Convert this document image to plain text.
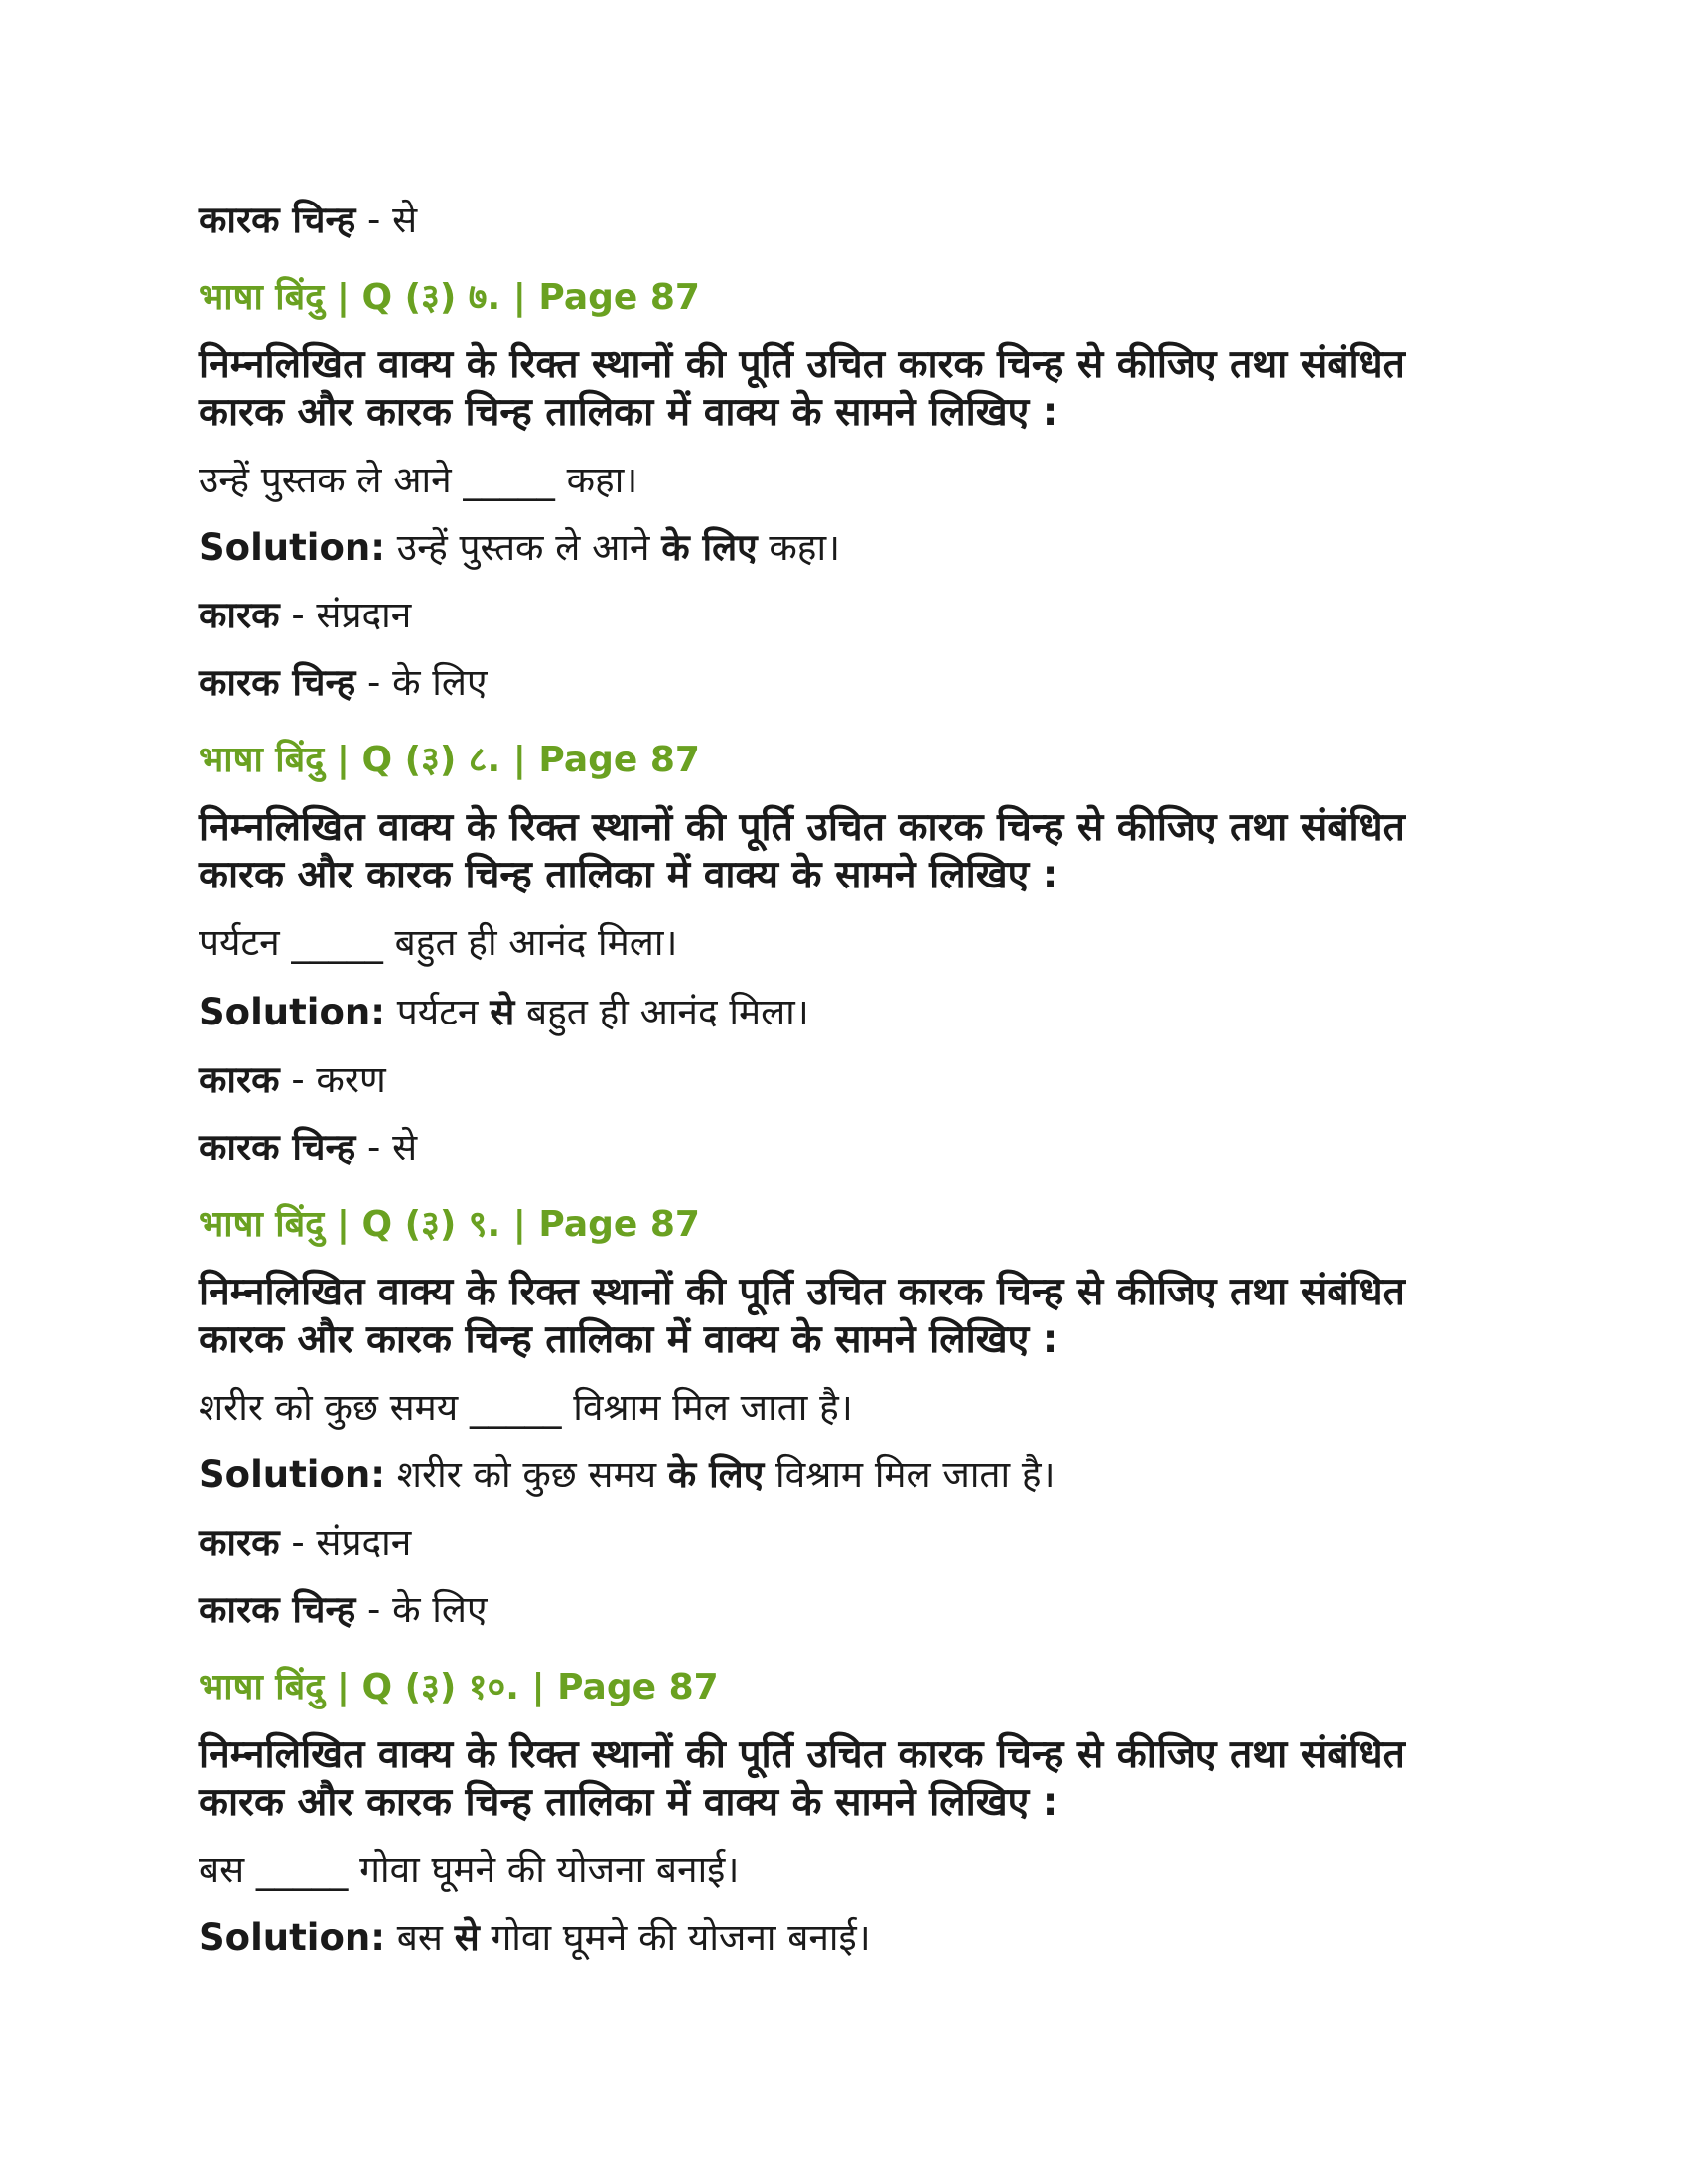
कारक चिन्ह - से
भाषा बिंदु | Q (३) ७. | Page 87
निम्नलिखित वाक्य के रिक्त स्थानों की पूर्ति उचित कारक चिन्ह से कीजिए तथा संबंधित
कारक और कारक चिन्ह तालिका में वाक्य के सामने लिखिए :
उन्हें पुस्तक ले आने _____ कहा।
Solution: उन्हें पुस्तक ले आने के लिए कहा।
कारक - संप्रदान
कारक चिन्ह - के लिए
भाषा बिंदु | Q (३) ८. | Page 87
निम्नलिखित वाक्य के रिक्त स्थानों की पूर्ति उचित कारक चिन्ह से कीजिए तथा संबंधित
कारक और कारक चिन्ह तालिका में वाक्य के सामने लिखिए :
पर्यटन _____ बहुत ही आनंद मिला।
Solution: पर्यटन से बहुत ही आनंद मिला।
कारक - करण
कारक चिन्ह - से
भाषा बिंदु | Q (३) ९. | Page 87
निम्नलिखित वाक्य के रिक्त स्थानों की पूर्ति उचित कारक चिन्ह से कीजिए तथा संबंधित
कारक और कारक चिन्ह तालिका में वाक्य के सामने लिखिए :
शरीर को कुछ समय _____ विश्राम मिल जाता है।
Solution: शरीर को कुछ समय के लिए विश्राम मिल जाता है।
कारक - संप्रदान
कारक चिन्ह - के लिए
भाषा बिंदु | Q (३) १०. | Page 87
निम्नलिखित वाक्य के रिक्त स्थानों की पूर्ति उचित कारक चिन्ह से कीजिए तथा संबंधित
कारक और कारक चिन्ह तालिका में वाक्य के सामने लिखिए :
बस _____ गोवा घूमने की योजना बनाई।
Solution: बस से गोवा घूमने की योजना बनाई।
